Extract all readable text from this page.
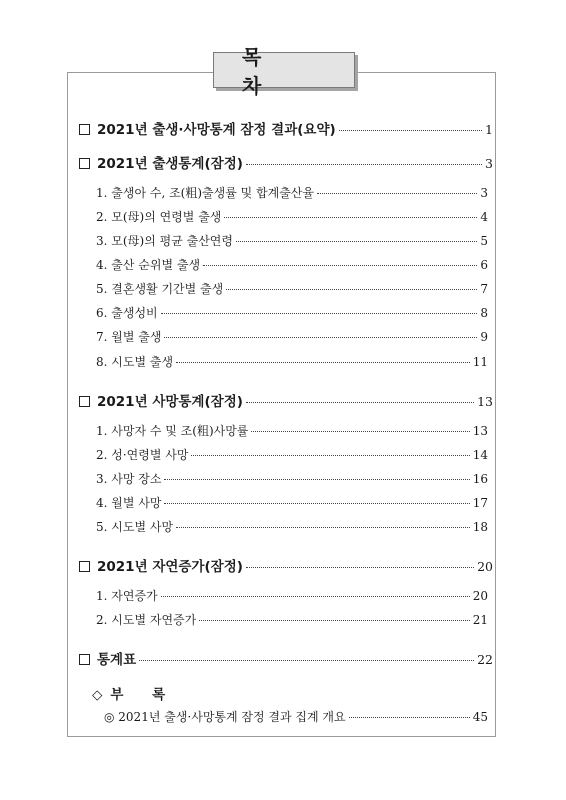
목 차
2021년 출생·사망통계 잠정 결과(요약)	1
2021년 출생통계(잠정)	3
1. 출생아 수, 조(粗)출생률 및 합계출산율	3
2. 모(母)의 연령별 출생	4
3. 모(母)의 평균 출산연령	5
4. 출산 순위별 출생	6
5. 결혼생활 기간별 출생	7
6. 출생성비	8
7. 월별 출생	9
8. 시도별 출생	11
2021년 사망통계(잠정)	13
1. 사망자 수 및 조(粗)사망률	13
2. 성·연령별 사망	14
3. 사망 장소	16
4. 월별 사망	17
5. 시도별 사망	18
2021년 자연증가(잠정)	20
1. 자연증가	20
2. 시도별 자연증가	21
통계표	22
◇ 부 록
◎ 2021년 출생·사망통계 잠정 결과 집계 개요	45
